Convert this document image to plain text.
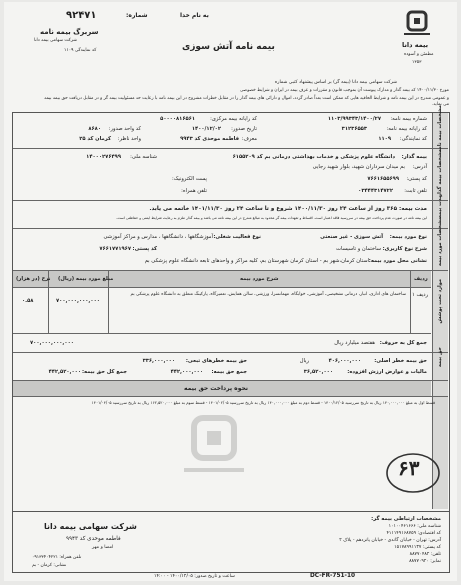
شماره:
۹۲۴۷۱	به نام خدا
سربرگ بیمه نامه
شرکت سهامی بیمه دانا
کد نمایندگی ۱۱۰۹	بیمه نامه آتش سوزی	بیمه دانا
مطمئن و آسوده
۱۳۵۳
شرکت سهامی بیمه دانا (بیمه گر) بر اساس پیشنهاد کتبی شماره
مورخ ۱۴۰۰/۱۱/۳۰ که بیمه گذار و مدارک پیوست آن بموجب قانون و مقررات و عرف بیمه در ایران و شرایط خصوصی
و عمومی مندرج در این بیمه نامه و شرایط الحاقیه هایی که ممکن است بعداً صادر گردد، اموال و دارائی های بیمه گذار را در مقابل خطرات مشروح در این بیمه نامه با رعایت حد مسئولیت بیمه گر و در مقابل دریافت حق بیمه بیمه می نماید.
مشخصات بیمه نامه
مشخصات بیمه گذار
مدت بیمه
مشخصات مورد بیمه
موارد تحت پوشش
حق بیمه
شماره بیمه نامه:
۱۱۰۳/۹۹۳۴۳/۱۴۰۰/۲۷
کد رایانه بیمه مرکزی:
۵۰۰۰۰۸۱۶۵۶۱
کد رایانه بیمه نامه:
۳۱۲۳۶۵۵۳
تاریخ صدور:
۱۴۰۰/۱۲/۰۲
کد واحد صدور:
۸۶۸۰
کد نمایندگی:
۱۱۰۹
معرف:
فاطمه موحدی کد ۹۹۴۳
واحد ناظر:
کرمان کد ۲۵
بیمه گذار:
دانشگاه علوم پزشکی و خدمات بهداشتی درمانی بم کد ۶۱۵۵۲۰۹
شناسه ملی:
۱۴۰۰۰۲۷۶۴۹۹
آدرس:
بم میدان سرداران شهید، بلوار شهید رجایی
کد پستی:
۷۶۶۱۶۵۵۶۹۹
پست الکترونیک:
تلفن ثابت:
۰۳۴۴۴۳۱۴۷۲۲
تلفن همراه:
مدت بیمه: ۳۶۵ روز از ساعت ۲۴ روز ۱۴۰۰/۱۱/۳۰ شروع و تا ساعت ۲۴ روز ۱۴۰۱/۱۱/۳۰ خاتمه می یابد.
این بیمه نامه در صورت عدم پرداخت حق بیمه در سررسید فاقد اعتبار است. اقساط و تعهدات بیمه گر محدود به مبالغ مندرج در این بیمه نامه می باشد و بیمه گذار ملزم به رعایت شرایط ایمنی و حفاظتی است.
نوع مورد بیمه:
آتش سوزی - غیر صنعتی
نوع فعالیت شغلی:
آموزشگاهها ، دانشگاهها ، مدارس و مراکز آموزشی
شرح نوع کاربری:
ساختمان و تاسیسات
کد پستی:
۷۶۶۱۷۷۱۹۶۷
نشانی محل مورد بیمه:
استان کرمان،شهر بم - استان کرمان شهرستان بم، کلیه مراکز و واحدهای تابعه دانشگاه علوم پزشکی بم
ردیف
شرح مورد بیمه
مبلغ مورد بیمه (ریال)
نرخ (در هزار)
ردیف ۱
ساختمان های اداری، انبار، درمانی تشخیصی، آموزشی، خوابگاه، مهمانسرا، ورزشی، سالن همایش، تعمیرگاه، پارکینگ متعلق به دانشگاه علوم پزشکی بم
۷۰۰,۰۰۰,۰۰۰,۰۰۰
۰.۵۸
جمع کل به حروف:
هفتصد میلیارد ریال
۷۰۰,۰۰۰,۰۰۰,۰۰۰
حق بیمه خطر اصلی:
۴۰۶,۰۰۰,۰۰۰
ریال
حق بیمه خطرهای تبعی:
۳۳۶,۰۰۰,۰۰۰
مالیات و عوارض ارزش افزوده:
۳۶,۵۲۰,۰۰۰
جمع حق بیمه:
۴۴۲,۰۰۰,۰۰۰
جمع کل حق بیمه:
۴۴۲,۵۲۰,۰۰۰
نحوه پرداخت حق بیمه
قسط اول به مبلغ ۱۴۰,۰۰۰,۰۰۰ ریال به تاریخ سررسید ۱۴۰۰/۱۲/۰۵ - قسط دوم به مبلغ ۱۴۰,۰۰۰,۰۰۰ ریال به تاریخ سررسید ۱۴۰۱/۰۲/۰۵ - قسط سوم به مبلغ ۱۶۲,۵۲۰,۰۰۰ ریال به تاریخ سررسید ۱۴۰۱/۰۴/۰۵
۶۳
مشخصات ارتباطی بیمه گر:
شناسه ملی: ۱۰۱۰۰۴۶۱۶۶۶
کد اقتصادی: ۴۱۱۱۴۹۱۶۸۷۵۹
آدرس: تهران - خیابان گاندی - خیابان پانزدهم - پلاک ۲
کد پستی: ۱۵۱۷۸۹۹۱۱۳۷
تلفن: ۸۸۷۷۰۴۸۲
نمابر: ۸۸۷۷۰۹۲۰
شرکت سهامی بیمه دانا
فاطمه موحدی کد ۹۹۴۳
امضا و مهر
تلفن همراه: ۰۹۱۳۳۴۰۴۲۲۱
نشانی: کرمان - بم
ساعت و تاریخ صدور: ۱۴۰۰/۱۲/۰۵ - ۱۴:۰۰	DC-FR-751-10
